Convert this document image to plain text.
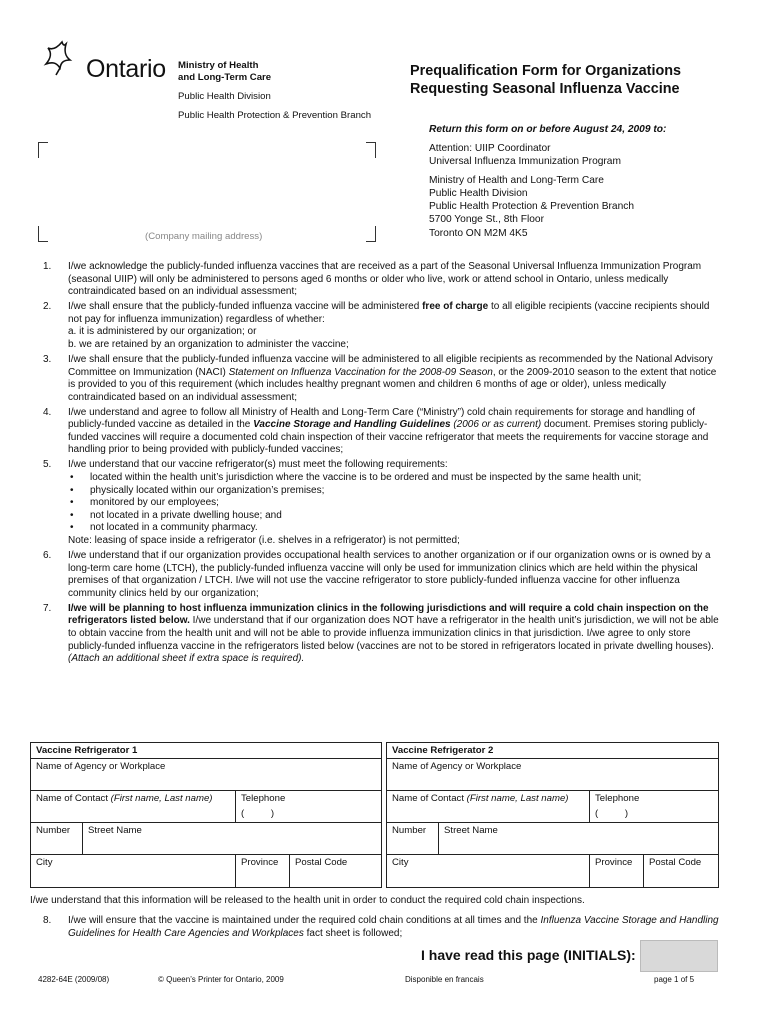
Ontario Ministry of Health
and Long-Term Care
Public Health Division
Public Health Protection & Prevention Branch
Prequalification Form for Organizations
Requesting Seasonal Influenza Vaccine
Return this form on or before August 24, 2009 to:
Attention: UIIP Coordinator
Universal Influenza Immunization Program
Ministry of Health and Long-Term Care
Public Health Division
Public Health Protection & Prevention Branch
5700 Yonge St., 8th Floor
Toronto ON M2M 4K5
(Company mailing address)
1. I/we acknowledge the publicly-funded influenza vaccines that are received as a part of the Seasonal Universal Influenza Immunization Program (seasonal UIIP) will only be administered to persons aged 6 months or older who live, work or attend school in Ontario, unless medically contraindicated based on an individual assessment;
2. I/we shall ensure that the publicly-funded influenza vaccine will be administered free of charge to all eligible recipients (vaccine recipients should not pay for influenza immunization) regardless of whether:
a. it is administered by our organization; or
b. we are retained by an organization to administer the vaccine;
3. I/we shall ensure that the publicly-funded influenza vaccine will be administered to all eligible recipients as recommended by the National Advisory Committee on Immunization (NACI) Statement on Influenza Vaccination for the 2008-09 Season, or the 2009-2010 season to the extent that notice is provided to you of this requirement (which includes healthy pregnant women and children 6 months of age or older), unless medically contraindicated based on an individual assessment;
4. I/we understand and agree to follow all Ministry of Health and Long-Term Care (“Ministry”) cold chain requirements for storage and handling of publicly-funded vaccine as detailed in the Vaccine Storage and Handling Guidelines (2006 or as current) document. Premises storing publicly-funded vaccines will require a documented cold chain inspection of their vaccine refrigerator that meets the requirements for vaccine storage and handling prior to being provided with publicly-funded vaccines;
5. I/we understand that our vaccine refrigerator(s) must meet the following requirements:
• located within the health unit’s jurisdiction where the vaccine is to be ordered and must be inspected by the same health unit;
• physically located within our organization’s premises;
• monitored by our employees;
• not located in a private dwelling house; and
• not located in a community pharmacy.
Note: leasing of space inside a refrigerator (i.e. shelves in a refrigerator) is not permitted;
6. I/we understand that if our organization provides occupational health services to another organization or if our organization owns or is owned by a long-term care home (LTCH), the publicly-funded influenza vaccine will only be used for immunization clinics which are held within the physical premises of that organization / LTCH. I/we will not use the vaccine refrigerator to store publicly-funded influenza vaccine for other influenza community clinics held by our organization;
7. I/we will be planning to host influenza immunization clinics in the following jurisdictions and will require a cold chain inspection on the refrigerators listed below. I/we understand that if our organization does NOT have a refrigerator in the health unit’s jurisdiction, we will not be able to obtain vaccine from the health unit and will not be able to provide influenza immunization clinics in that jurisdiction. I/we agree to only store publicly-funded influenza vaccine in the refrigerators listed below (vaccines are not to be stored in refrigerators located in private dwelling houses). (Attach an additional sheet if extra space is required).
Vaccine Refrigerator 1
Name of Agency or Workplace
Name of Contact (First name, Last name)	Telephone
(          )
Number	Street Name
City	Province	Postal Code
Vaccine Refrigerator 2
Name of Agency or Workplace
Name of Contact (First name, Last name)	Telephone
(          )
Number	Street Name
City	Province	Postal Code
I/we understand that this information will be released to the health unit in order to conduct the required cold chain inspections.
8.	I/we will ensure that the vaccine is maintained under the required cold chain conditions at all times and the Influenza Vaccine Storage and Handling Guidelines for Health Care Agencies and Workplaces fact sheet is followed;
I have read this page (INITIALS):
4282-64E (2009/08)	© Queen’s Printer for Ontario, 2009	Disponible en francais	page 1 of 5
